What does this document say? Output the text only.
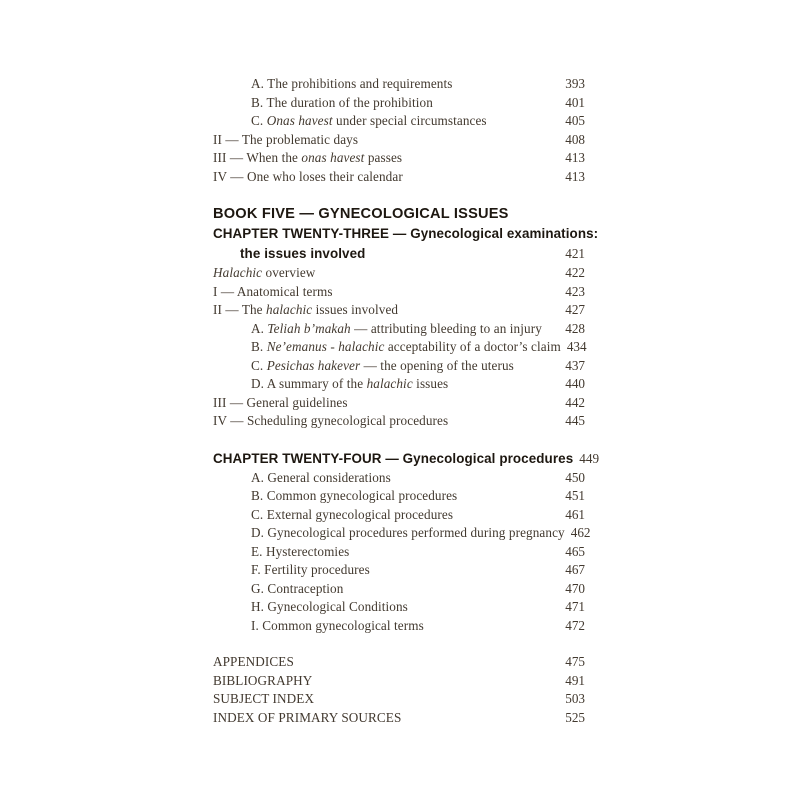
A. The prohibitions and requirements	393
B. The duration of the prohibition	401
C. Onas havest under special circumstances	405
II — The problematic days	408
III — When the onas havest passes	413
IV — One who loses their calendar	413
BOOK FIVE — GYNECOLOGICAL ISSUES
CHAPTER TWENTY-THREE — Gynecological examinations:
the issues involved	421
Halachic overview	422
I — Anatomical terms	423
II — The halachic issues involved	427
A. Teliah b’makah — attributing bleeding to an injury 428
B. Ne’emanus - halachic acceptability of a doctor’s claim 434
C. Pesichas hakever — the opening of the uterus	437
D. A summary of the halachic issues	440
III — General guidelines	442
IV — Scheduling gynecological procedures	445
CHAPTER TWENTY-FOUR — Gynecological procedures 449
A. General considerations	450
B. Common gynecological procedures	451
C. External gynecological procedures	461
D. Gynecological procedures performed during pregnancy 462
E. Hysterectomies	465
F. Fertility procedures	467
G. Contraception	470
H. Gynecological Conditions	471
I. Common gynecological terms	472
APPENDICES	475
BIBLIOGRAPHY	491
SUBJECT INDEX	503
INDEX OF PRIMARY SOURCES	525
